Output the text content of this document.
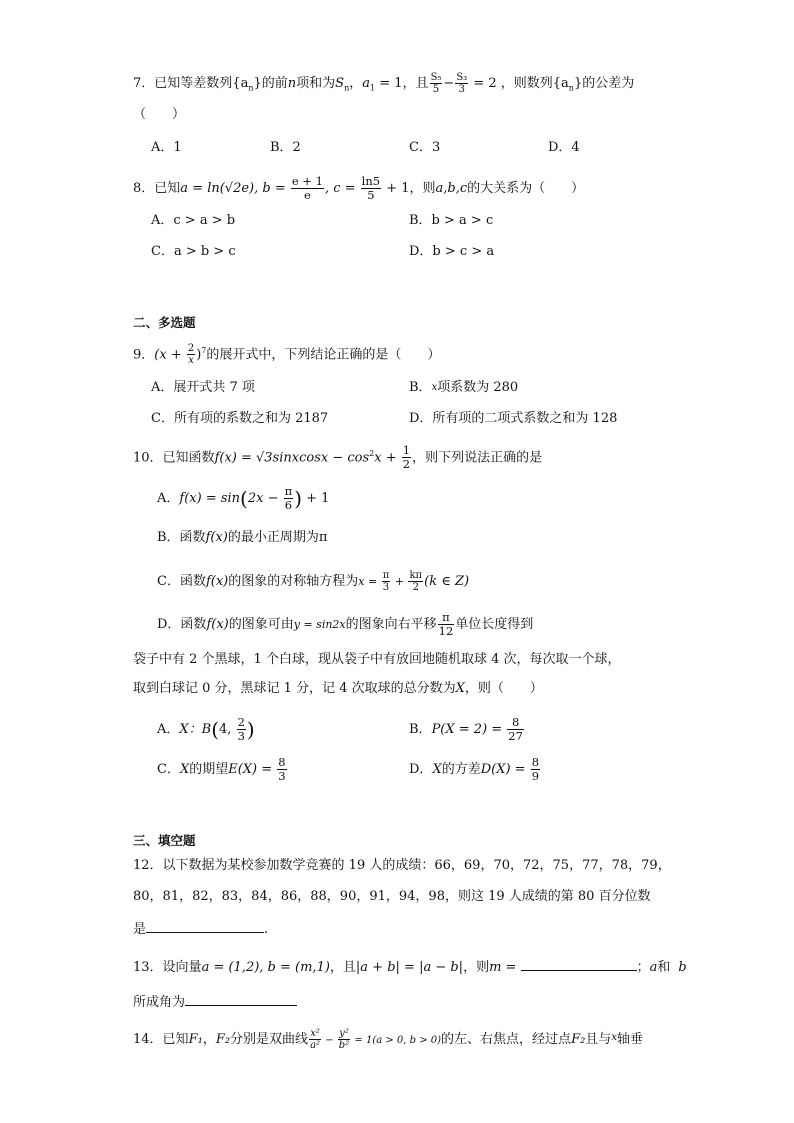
7．已知等差数列$\{a_n\}$的前n项和为$S_n$，$a_1 = 1$，且 $\frac{\text{S₅}}{5} - \frac{\text{S₃}}{3} = 2$ ，则数列$\{a_n\}$的公差为
（　　）
A．1	B．2	C．3	D．4
8．已知a = ln(√2e), $b = \frac{e + 1}{e}$ , $c = \frac{\ln 5}{5} + 1$，则a,b,c的大关系为（　　）
A．c > a > b	B．b > a > c
C．a > b > c	D．b > c > a
二、多选题
9．$(x + \frac{2}{x} )^7$的展开式中，下列结论正确的是（　　）
A．展开式共 7 项	B．$^x$项系数为 280
C．所有项的系数之和为 2187	D．所有项的二项式系数之和为 128
10．已知函数f(x) = √3sinxcosx − $\cos^2x + \frac{1}{2}$ ，则下列说法正确的是
A．$f(x) = \sin(2x - \frac{\pi}{6}$ ) + 1
B．函数f(x)的最小正周期为π
C．函数f(x)的图象的对称轴方程为$x = \frac{\pi}{3} + \frac{k\pi}{2} (k$ ∈ Z)
D．函数f(x)的图象可由y = sin2x的图象向右平移 $\frac{\pi}{12}$ 单位长度得到
袋子中有 2 个黑球，1 个白球，现从袋子中有放回地随机取球 4 次，每次取一个球，
取到白球记 0 分，黑球记 1 分，记 4 次取球的总分数为X，则（　　）
A．X：B(4, $\frac{2}{3}$ )	B．$P(X = 2) = \frac{8}{27}$
C．X的期望$E(X) = \frac{8}{3}$	D．X的方差$D(X) = \frac{8}{9}$
三、填空题
12．以下数据为某校参加数学竞赛的 19 人的成绩：66，69，70，72，75，77，78，79，
80，81，82，83，84，86，88，90，91，94，98，则这 19 人成绩的第 80 百分位数
是	.
13．设向量a = (1,2), b = (m,1)，且|a + b| = |a − b|，则m =	；a和 b
所成角为
14．已知F₁，F₂分别是双曲线 $\frac{\text{x²}}{\text{a²}} - \frac{\text{y²}}{\text{b²}} = 1(a > 0$, b > 0)的左、右焦点，经过点F₂且与$^x$轴垂
